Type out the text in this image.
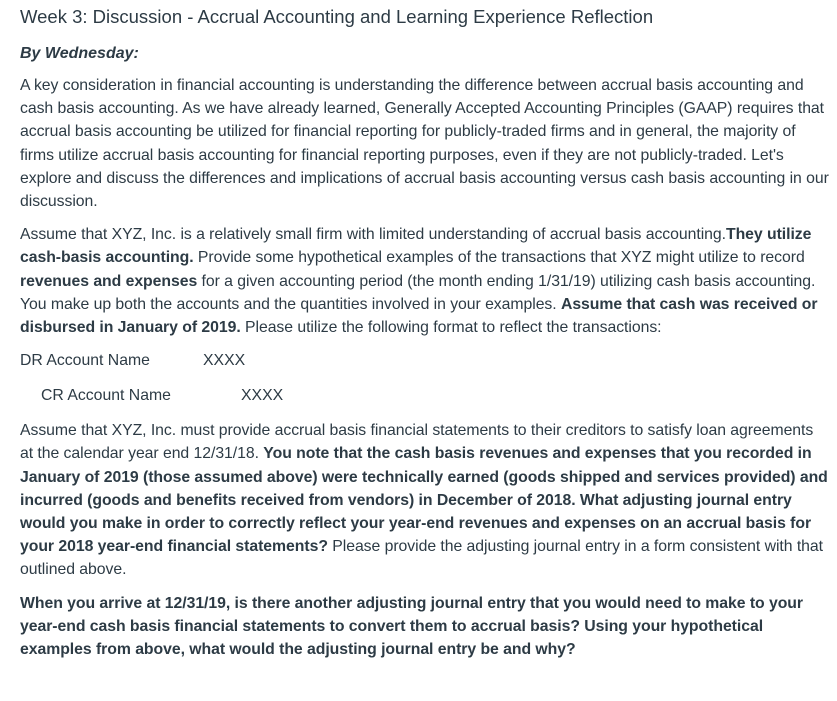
Week 3: Discussion - Accrual Accounting and Learning Experience Reflection
By Wednesday:

A key consideration in financial accounting is understanding the difference between accrual basis accounting and cash basis accounting. As we have already learned, Generally Accepted Accounting Principles (GAAP) requires that accrual basis accounting be utilized for financial reporting for publicly-traded firms and in general, the majority of firms utilize accrual basis accounting for financial reporting purposes, even if they are not publicly-traded. Let's explore and discuss the differences and implications of accrual basis accounting versus cash basis accounting in our discussion.

Assume that XYZ, Inc. is a relatively small firm with limited understanding of accrual basis accounting.They utilize cash-basis accounting. Provide some hypothetical examples of the transactions that XYZ might utilize to record revenues and expenses for a given accounting period (the month ending 1/31/19) utilizing cash basis accounting. You make up both the accounts and the quantities involved in your examples. Assume that cash was received or disbursed in January of 2019. Please utilize the following format to reflect the transactions:

DR Account Name	XXXX
CR Account Name	XXXX

Assume that XYZ, Inc. must provide accrual basis financial statements to their creditors to satisfy loan agreements at the calendar year end 12/31/18. You note that the cash basis revenues and expenses that you recorded in January of 2019 (those assumed above) were technically earned (goods shipped and services provided) and incurred (goods and benefits received from vendors) in December of 2018. What adjusting journal entry would you make in order to correctly reflect your year-end revenues and expenses on an accrual basis for your 2018 year-end financial statements? Please provide the adjusting journal entry in a form consistent with that outlined above.

When you arrive at 12/31/19, is there another adjusting journal entry that you would need to make to your year-end cash basis financial statements to convert them to accrual basis? Using your hypothetical examples from above, what would the adjusting journal entry be and why?
